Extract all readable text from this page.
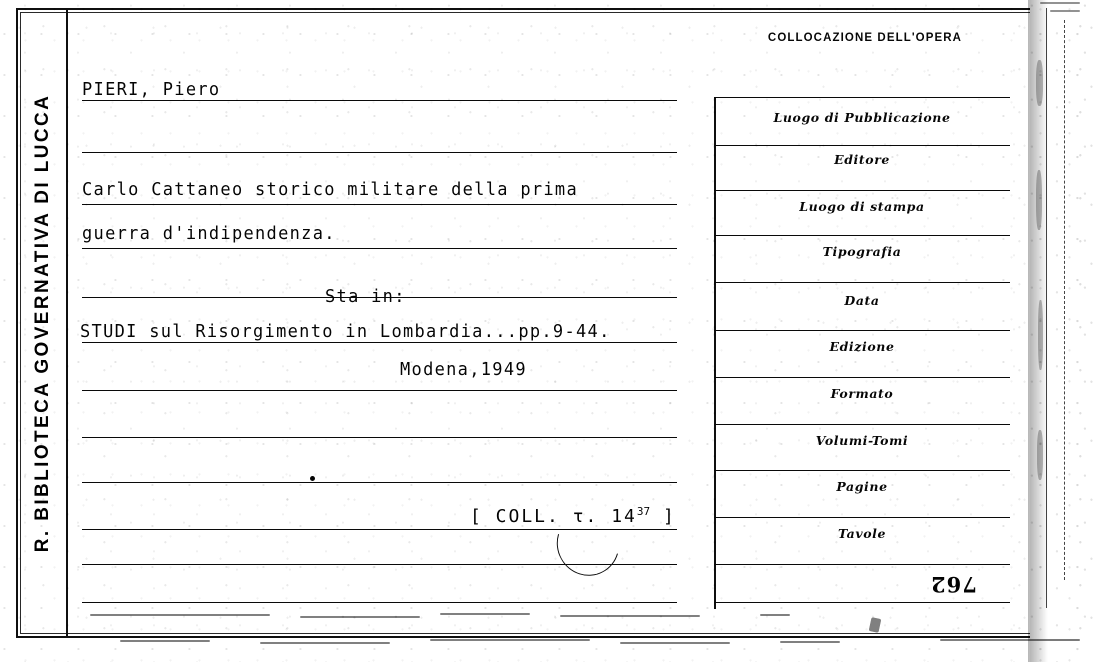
R. BIBLIOTECA GOVERNATIVA DI LUCCA
PIERI, Piero
Carlo Cattaneo storico militare della prima
guerra d'indipendenza.
Sta in:
STUDI sul Risorgimento in Lombardia...pp.9-44.
Modena,1949
[ COLL. τ. $14^{37}$ ]
COLLOCAZIONE DELL'OPERA
Luogo di Pubblicazione
Editore
Luogo di stampa
Tipografia
Data
Edizione
Formato
Volumi-Tomi
Pagine
Tavole
762
